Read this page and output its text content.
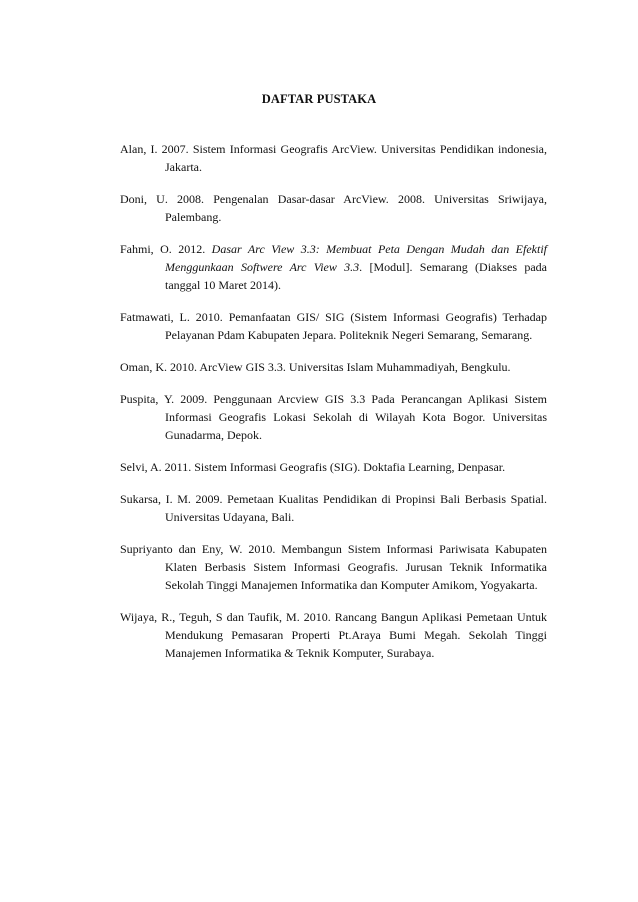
DAFTAR PUSTAKA

Alan, I. 2007. Sistem Informasi Geografis ArcView. Universitas Pendidikan indonesia, Jakarta.

Doni, U. 2008. Pengenalan Dasar-dasar ArcView. 2008. Universitas Sriwijaya, Palembang.

Fahmi, O. 2012. Dasar Arc View 3.3: Membuat Peta Dengan Mudah dan Efektif Menggunkaan Softwere Arc View 3.3. [Modul]. Semarang (Diakses pada tanggal 10 Maret 2014).

Fatmawati, L. 2010. Pemanfaatan GIS/ SIG (Sistem Informasi Geografis) Terhadap Pelayanan Pdam Kabupaten Jepara. Politeknik Negeri Semarang, Semarang.

Oman, K. 2010. ArcView GIS 3.3. Universitas Islam Muhammadiyah, Bengkulu.

Puspita, Y. 2009. Penggunaan Arcview GIS 3.3 Pada Perancangan Aplikasi Sistem Informasi Geografis Lokasi Sekolah di Wilayah Kota Bogor. Universitas Gunadarma, Depok.

Selvi, A. 2011. Sistem Informasi Geografis (SIG). Doktafia Learning, Denpasar.

Sukarsa, I. M. 2009. Pemetaan Kualitas Pendidikan di Propinsi Bali Berbasis Spatial. Universitas Udayana, Bali.

Supriyanto dan Eny, W. 2010. Membangun Sistem Informasi Pariwisata Kabupaten Klaten Berbasis Sistem Informasi Geografis. Jurusan Teknik Informatika Sekolah Tinggi Manajemen Informatika dan Komputer Amikom, Yogyakarta.

Wijaya, R., Teguh, S dan Taufik, M. 2010. Rancang Bangun Aplikasi Pemetaan Untuk Mendukung Pemasaran Properti Pt.Araya Bumi Megah. Sekolah Tinggi Manajemen Informatika & Teknik Komputer, Surabaya.
